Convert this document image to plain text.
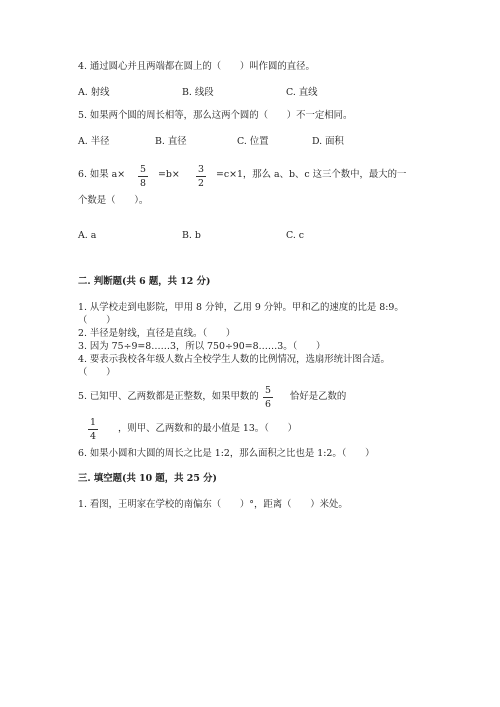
4. 通过圆心并且两端都在圆上的（　　）叫作圆的直径。
A. 射线	B. 线段	C. 直线
5. 如果两个圆的周长相等，那么这两个圆的（　　）不一定相同。
A. 半径	B. 直径	C. 位置	D. 面积
6. 如果 a×	5
8
=b×	3
2
=c×1，那么 a、b、c 这三个数中，最大的一
个数是（　　）。
A. a	B. b	C. c
二. 判断题(共 6 题，共 12 分)
1. 从学校走到电影院，甲用 8 分钟，乙用 9 分钟。甲和乙的速度的比是 8:9。
（　　）
2. 半径是射线，直径是直线。（　　）
3. 因为 75÷9=8……3，所以 750÷90=8……3。（　　）
4. 要表示我校各年级人数占全校学生人数的比例情况，选扇形统计图合适。
（　　）
5. 已知甲、乙两数都是正整数，如果甲数的
5
6
恰好是乙数的
1
4
，则甲、乙两数和的最小值是 13。（　　）
6. 如果小圆和大圆的周长之比是 1:2，那么面积之比也是 1:2。（　　）
三. 填空题(共 10 题，共 25 分)
1. 看图，王明家在学校的南偏东（　　）°，距离（　　）米处。
